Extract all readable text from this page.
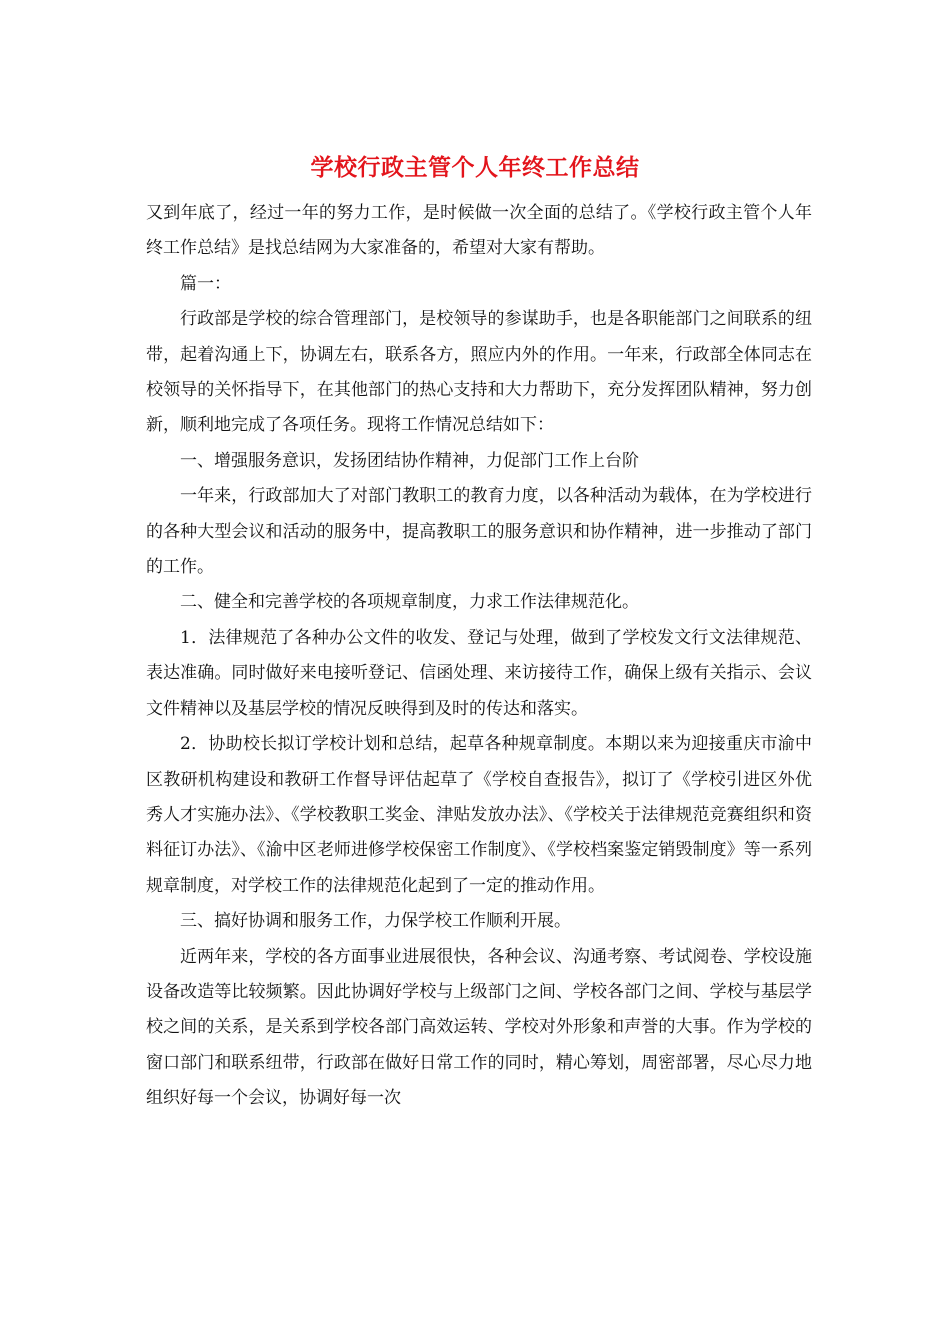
学校行政主管个人年终工作总结

又到年底了，经过一年的努力工作，是时候做一次全面的总结了。《学校行政主管个人年终工作总结》是找总结网为大家准备的，希望对大家有帮助。

篇一：

行政部是学校的综合管理部门，是校领导的参谋助手，也是各职能部门之间联系的纽带，起着沟通上下，协调左右，联系各方，照应内外的作用。一年来，行政部全体同志在校领导的关怀指导下，在其他部门的热心支持和大力帮助下，充分发挥团队精神，努力创新，顺利地完成了各项任务。现将工作情况总结如下：

一、增强服务意识，发扬团结协作精神，力促部门工作上台阶

一年来，行政部加大了对部门教职工的教育力度，以各种活动为载体，在为学校进行的各种大型会议和活动的服务中，提高教职工的服务意识和协作精神，进一步推动了部门的工作。

二、健全和完善学校的各项规章制度，力求工作法律规范化。

1．法律规范了各种办公文件的收发、登记与处理，做到了学校发文行文法律规范、表达准确。同时做好来电接听登记、信函处理、来访接待工作，确保上级有关指示、会议文件精神以及基层学校的情况反映得到及时的传达和落实。

2．协助校长拟订学校计划和总结，起草各种规章制度。本期以来为迎接重庆市渝中区教研机构建设和教研工作督导评估起草了《学校自查报告》，拟订了《学校引进区外优秀人才实施办法》、《学校教职工奖金、津贴发放办法》、《学校关于法律规范竞赛组织和资料征订办法》、《渝中区老师进修学校保密工作制度》、《学校档案鉴定销毁制度》等一系列规章制度，对学校工作的法律规范化起到了一定的推动作用。

三、搞好协调和服务工作，力保学校工作顺利开展。

近两年来，学校的各方面事业进展很快，各种会议、沟通考察、考试阅卷、学校设施设备改造等比较频繁。因此协调好学校与上级部门之间、学校各部门之间、学校与基层学校之间的关系，是关系到学校各部门高效运转、学校对外形象和声誉的大事。作为学校的窗口部门和联系纽带，行政部在做好日常工作的同时，精心筹划，周密部署，尽心尽力地组织好每一个会议，协调好每一次
